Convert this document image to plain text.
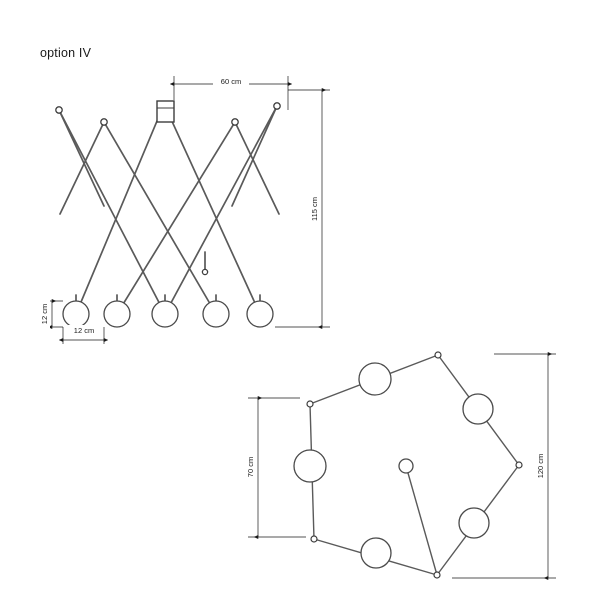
option IV
60 cm
115 cm
12 cm
12 cm
70 cm	120 cm
